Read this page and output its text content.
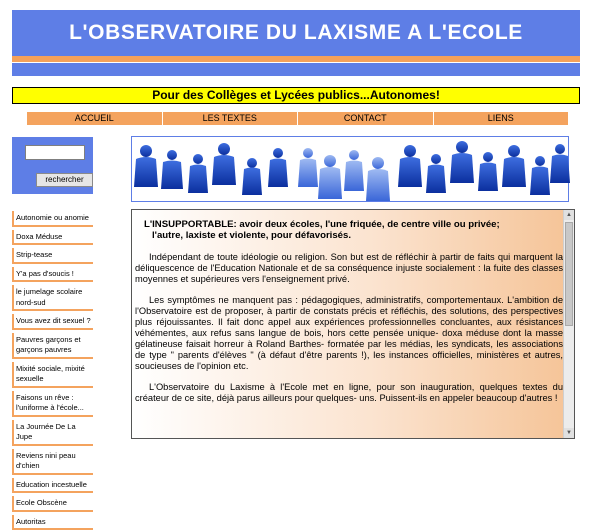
L'OBSERVATOIRE DU LAXISME A L'ECOLE
Pour des Collèges et Lycées publics...Autonomes!
ACCUEIL	LES TEXTES	CONTACT	LIENS
rechercher
Autonomie ou anomie
Doxa Méduse
Strip-tease
Y'a pas d'soucis !
le jumelage scolaire nord-sud
Vous avez dit sexuel ?
Pauvres garçons et garçons pauvres
Mixité sociale, mixité sexuelle
Faisons un rêve : l'uniforme à l'école...
La Journée De La Jupe
Reviens nini peau d'chien
Education incestuelle
Ecole Obscène
Autoritas
L'INSUPPORTABLE: avoir deux écoles, l'une friquée, de centre ville ou privée;
l'autre, laxiste et violente, pour défavorisés.

Indépendant de toute idéologie ou religion. Son but est de réfléchir à partir de faits qui marquent la déliquescence de l'Education Nationale et de sa conséquence injuste socialement : la fuite des classes moyennes et supérieures vers l'enseignement privé.

Les symptômes ne manquent pas : pédagogiques, administratifs, comportementaux. L'ambition de l'Observatoire est de proposer, à partir de constats précis et réfléchis, des solutions, des perspectives plus réjouissantes. Il fait donc appel aux expériences professionnelles concluantes, aux résistances véhémentes, aux refus sans langue de bois, hors cette pensée unique- doxa méduse dont la masse gélatineuse faisait horreur à Roland Barthes- formatée par les médias, les syndicats, les associations de type " parents d'élèves " (à défaut d'être parents !), les instances officielles, ministères et autres, soucieuses de l'opinion etc.

L'Observatoire du Laxisme à l'Ecole met en ligne, pour son inauguration, quelques textes du créateur de ce site, déjà parus ailleurs pour quelques- uns. Puissent-ils en appeler beaucoup d'autres !

▲
▼
